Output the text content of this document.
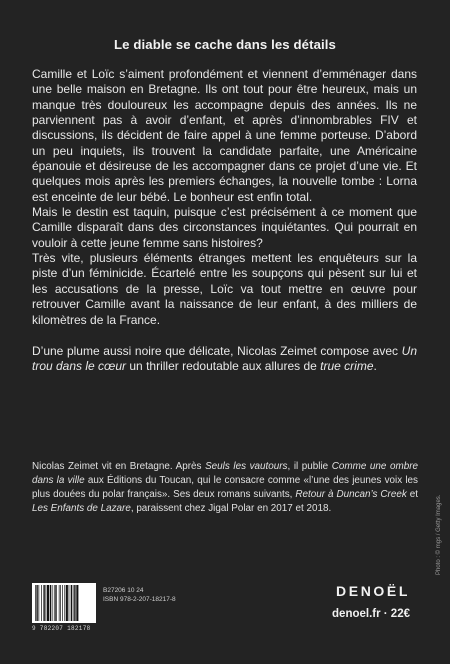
Le diable se cache dans les détails

Camille et Loïc s’aiment profondément et viennent d’emménager dans une belle maison en Bretagne. Ils ont tout pour être heureux, mais un manque très douloureux les accompagne depuis des années. Ils ne parviennent pas à avoir d’enfant, et après d’innombrables FIV et discussions, ils décident de faire appel à une femme porteuse. D’abord un peu inquiets, ils trouvent la candidate parfaite, une Américaine épanouie et désireuse de les accompagner dans ce projet d’une vie. Et quelques mois après les premiers échanges, la nouvelle tombe : Lorna est enceinte de leur bébé. Le bonheur est enfin total.

Mais le destin est taquin, puisque c’est précisément à ce moment que Camille disparaît dans des circonstances inquiétantes. Qui pourrait en vouloir à cette jeune femme sans histoires?

Très vite, plusieurs éléments étranges mettent les enquêteurs sur la piste d’un féminicide. Écartelé entre les soupçons qui pèsent sur lui et les accusations de la presse, Loïc va tout mettre en œuvre pour retrouver Camille avant la naissance de leur enfant, à des milliers de kilomètres de la France.

D’une plume aussi noire que délicate, Nicolas Zeimet compose avec Un trou dans le cœur un thriller redoutable aux allures de true crime.

Nicolas Zeimet vit en Bretagne. Après Seuls les vautours, il publie Comme une ombre dans la ville aux Éditions du Toucan, qui le consacre comme «l’une des jeunes voix les plus douées du polar français». Ses deux romans suivants, Retour à Duncan’s Creek et Les Enfants de Lazare, paraissent chez Jigal Polar en 2017 et 2018.

9 782207 182178
B27206 10 24
ISBN 978-2-207-18217-8
DENOËL
denoel.fr · 22€
Photo : © mgs / Getty Images.
